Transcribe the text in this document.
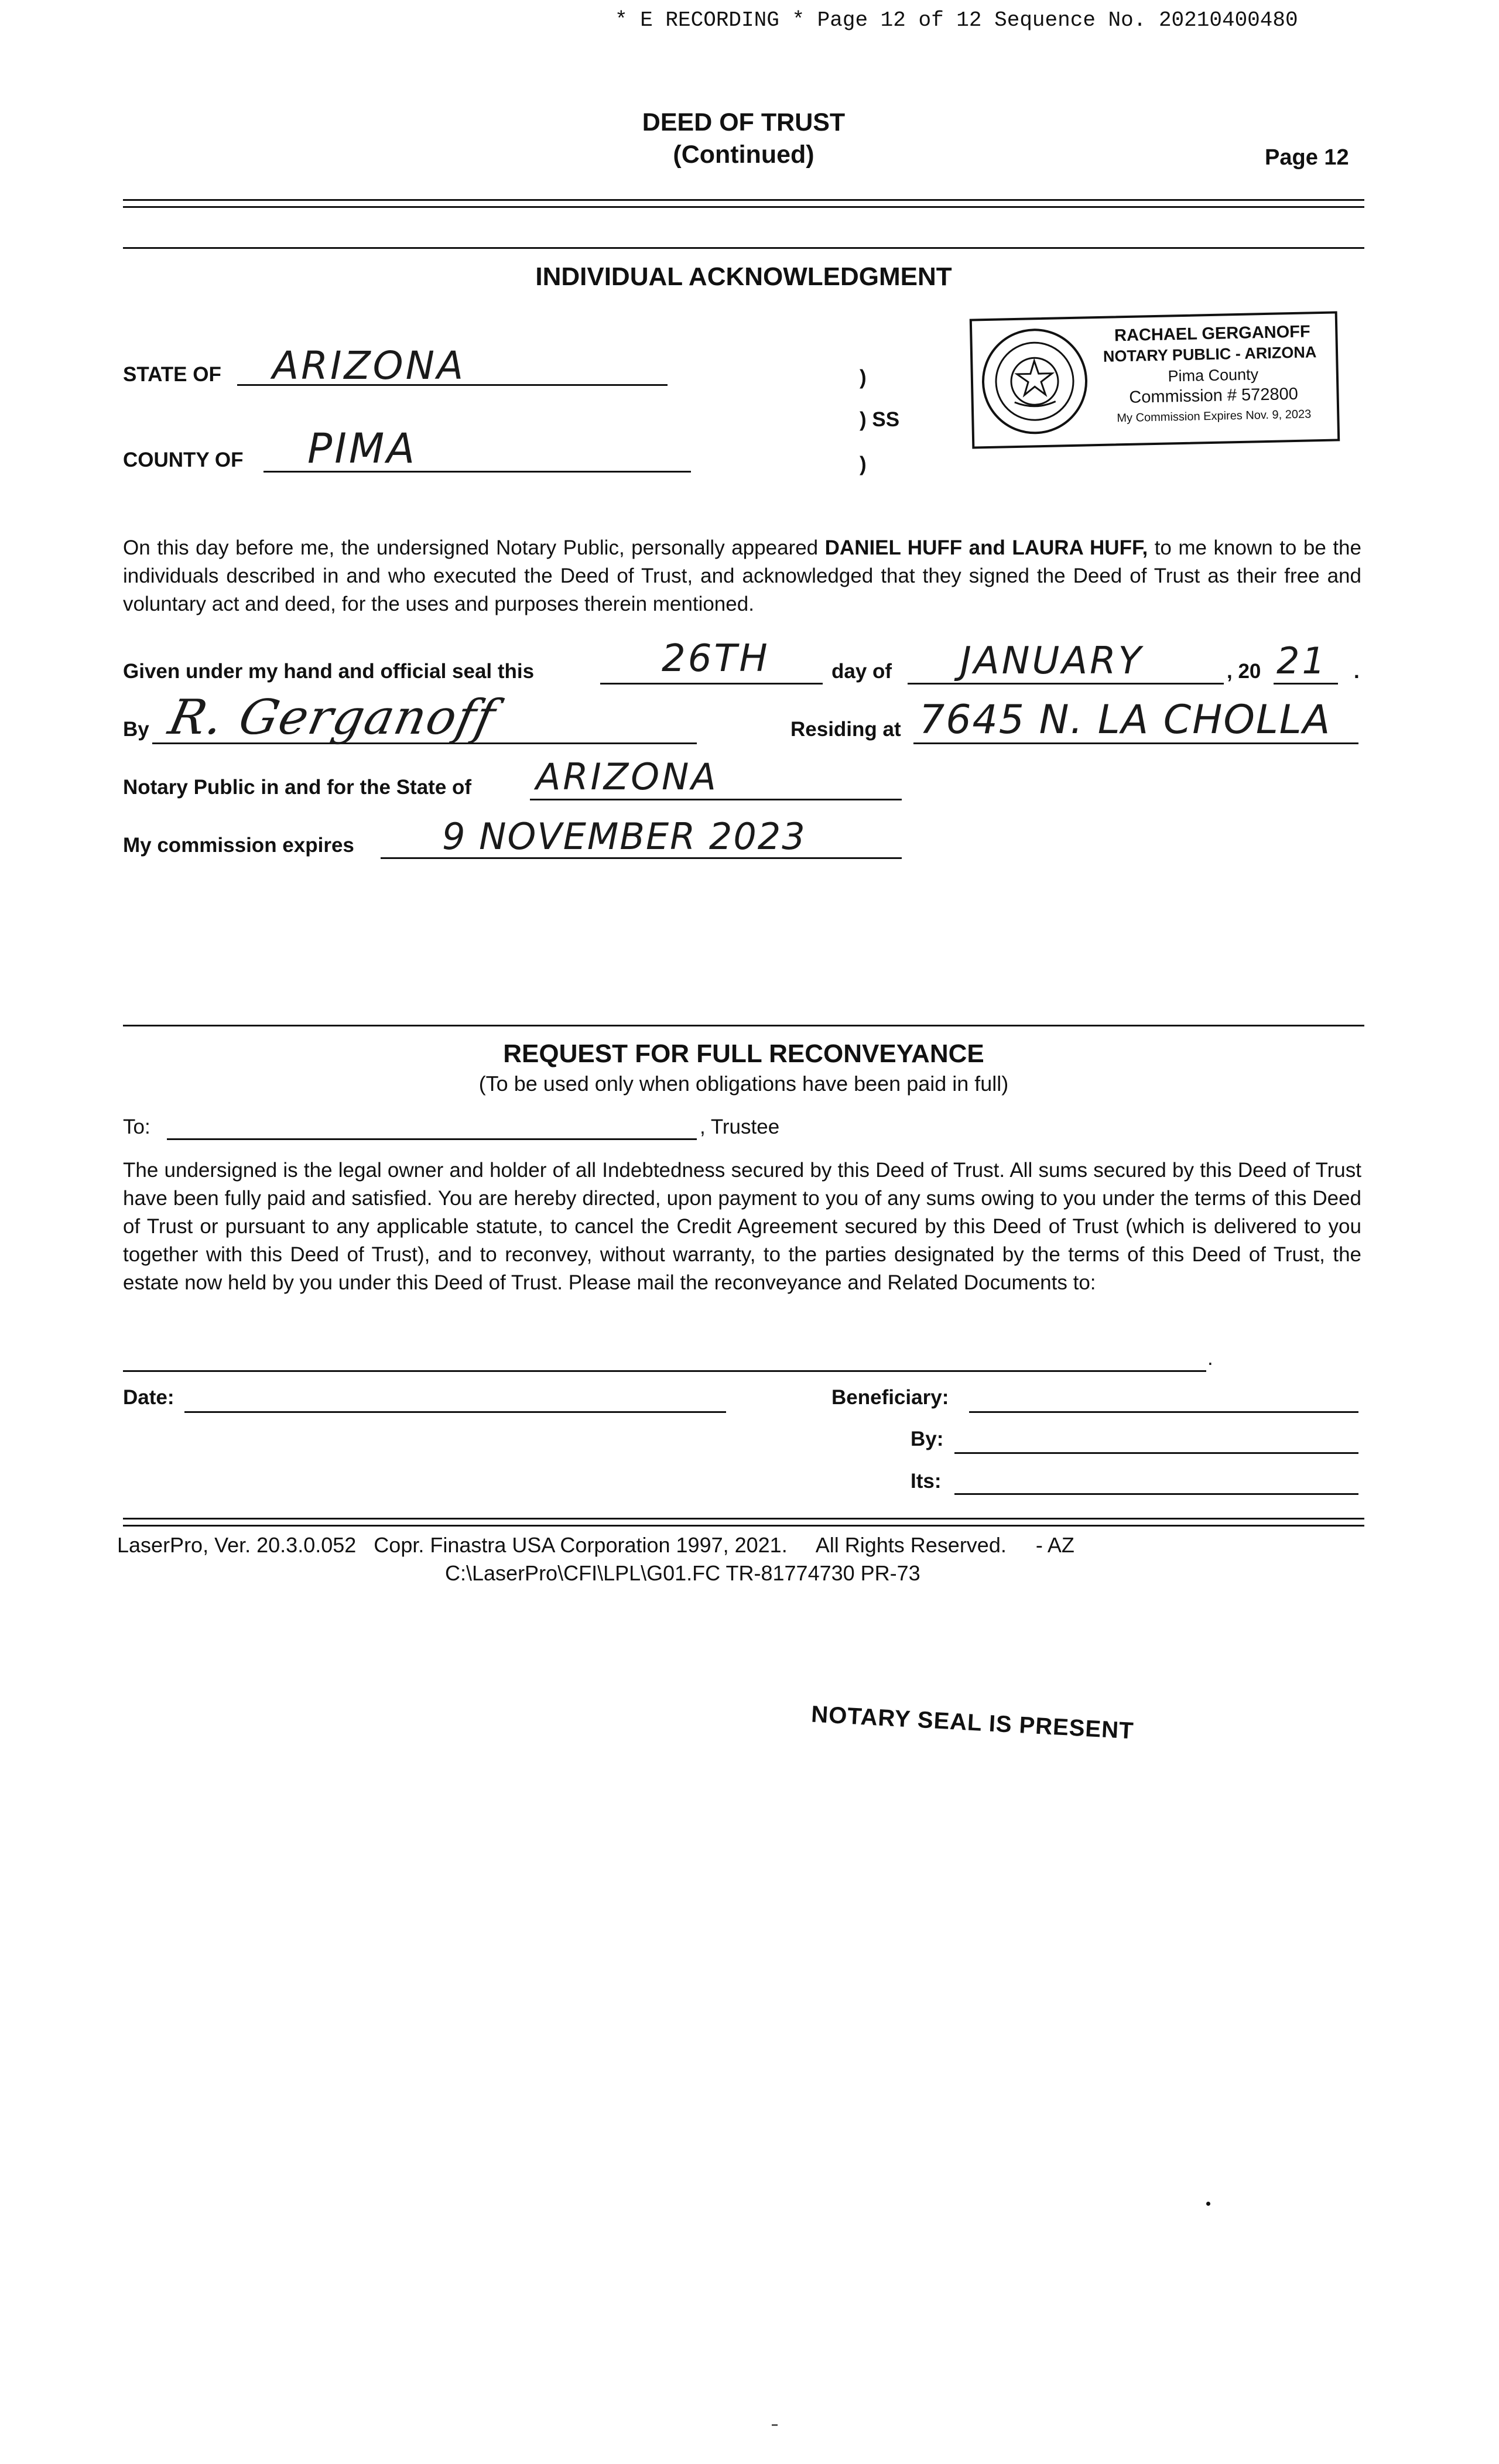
* E RECORDING * Page 12 of 12 Sequence No. 20210400480
DEED OF TRUST
(Continued)	Page 12
INDIVIDUAL ACKNOWLEDGMENT
STATE OF ARIZONA
COUNTY OF PIMA
)
) SS
)
RACHAEL GERGANOFF
NOTARY PUBLIC - ARIZONA
Pima County
Commission # 572800
My Commission Expires Nov. 9, 2023
On this day before me, the undersigned Notary Public, personally appeared DANIEL HUFF and LAURA HUFF, to me known to be the individuals described in and who executed the Deed of Trust, and acknowledged that they signed the Deed of Trust as their free and voluntary act and deed, for the uses and purposes therein mentioned.
Given under my hand and official seal this	26TH	day of JANUARY	, 20 21 .
By R. Gerganoff	Residing at 7645 N. LA CHOLLA
Notary Public in and for the State of ARIZONA
My commission expires 9 NOVEMBER 2023
REQUEST FOR FULL RECONVEYANCE
(To be used only when obligations have been paid in full)
To:	, Trustee
The undersigned is the legal owner and holder of all Indebtedness secured by this Deed of Trust. All sums secured by this Deed of Trust have been fully paid and satisfied. You are hereby directed, upon payment to you of any sums owing to you under the terms of this Deed of Trust or pursuant to any applicable statute, to cancel the Credit Agreement secured by this Deed of Trust (which is delivered to you together with this Deed of Trust), and to reconvey, without warranty, to the parties designated by the terms of this Deed of Trust, the estate now held by you under this Deed of Trust. Please mail the reconveyance and Related Documents to:
.
Date:	Beneficiary:
By:
Its:
LaserPro, Ver. 20.3.0.052   Copr. Finastra USA Corporation 1997, 2021.     All Rights Reserved.     - AZ
C:\LaserPro\CFI\LPL\G01.FC TR-81774730 PR-73
NOTARY SEAL IS PRESENT
